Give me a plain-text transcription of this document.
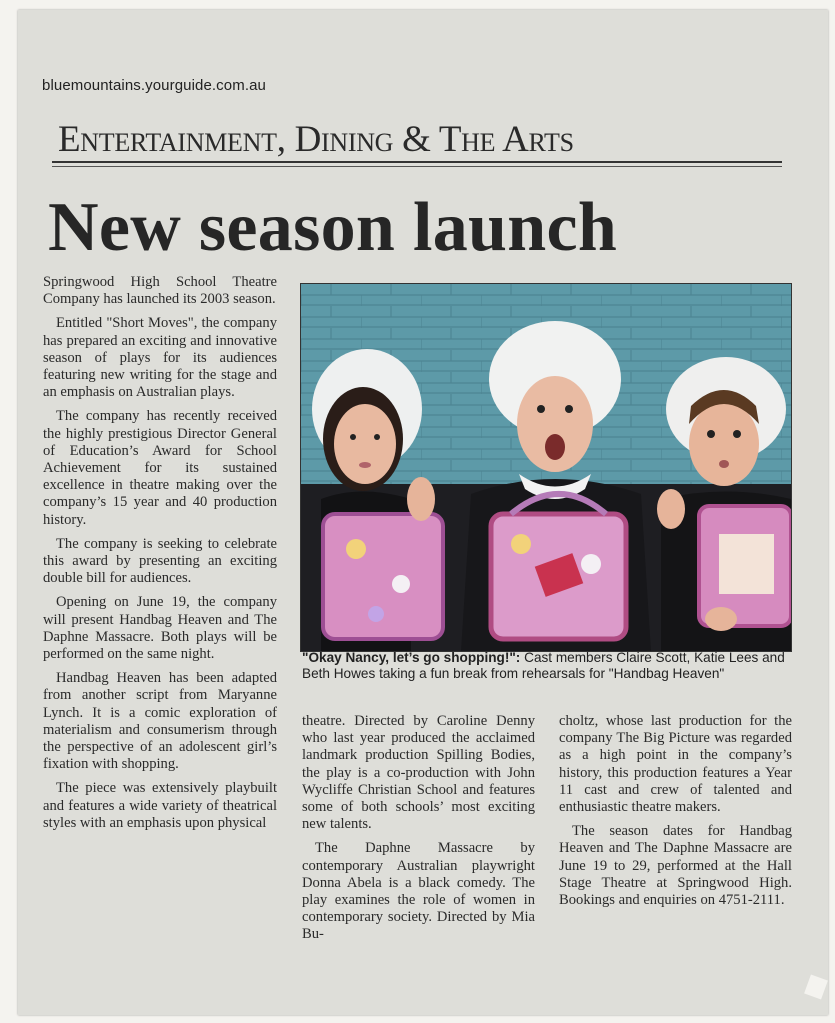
bluemountains.yourguide.com.au
Entertainment, Dining & The Arts
New season launch

Springwood High School Theatre Company has launched its 2003 season.

Entitled "Short Moves", the company has prepared an exciting and innovative season of plays for its audiences featuring new writing for the stage and an emphasis on Australian plays.

The company has recently received the highly prestigious Director General of Education’s Award for School Achievement for its sustained excellence in theatre making over the company’s 15 year and 40 production history.

The company is seeking to celebrate this award by presenting an exciting double bill for audiences.

Opening on June 19, the company will present Handbag Heaven and The Daphne Massacre. Both plays will be performed on the same night.

Handbag Heaven has been adapted from another script from Maryanne Lynch. It is a comic exploration of materialism and consumerism through the perspective of an adolescent girl’s fixation with shopping.

The piece was extensively playbuilt and features a wide variety of theatrical styles with an emphasis upon physical

"Okay Nancy, let’s go shopping!": Cast members Claire Scott, Katie Lees and Beth Howes taking a fun break from rehearsals for "Handbag Heaven"

theatre. Directed by Caroline Denny who last year produced the acclaimed landmark production Spilling Bodies, the play is a co-production with John Wycliffe Christian School and features some of both schools’ most exciting new talents.

The Daphne Massacre by contemporary Australian playwright Donna Abela is a black comedy. The play examines the role of women in contemporary society. Directed by Mia Bu-

choltz, whose last production for the company The Big Picture was regarded as a high point in the company’s history, this production features a Year 11 cast and crew of talented and enthusiastic theatre makers.

The season dates for Handbag Heaven and The Daphne Massacre are June 19 to 29, performed at the Hall Stage Theatre at Springwood High. Bookings and enquiries on 4751-2111.
